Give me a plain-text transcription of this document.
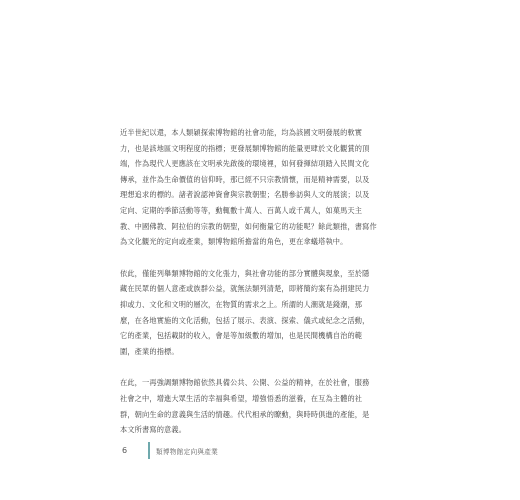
近半世紀以還，本人類穎探索博物館的社會功能，均為該國文明發展的軟實
力，也是該地區文明程度的指標；更發展類博物館的能量更肆於文化觀賞的頂
端，作為現代人更應該在文明承先啟後的環境裡，如何發揮結項踏入民間文化
傳承，並作為生命價值的信仰時，那已經不只宗教情懷，而是精神需要，以及
理想追求的標的。諸者說認神資會與宗教朝聖；名勝參訪與人文的展演；以及
定向、定期的季節活動等等，動輒數十萬人、百萬人或千萬人，如菓馬天主
教、中國佛教、阿拉伯的宗教的朝聖，如何衡量它的功能呢？餘此類推，書寫作
為文化觀光的定向或產業，類博物館所擔當的角色，更在傘蟻塔執中。

依此，僅能列舉類博物館的文化張力，與社會功能的部分實體與現象，至於隱
藏在民眾的個人意產或族群公益，就無法類列清楚，即將簡約案有為捐建民力
抑或力、文化和文明的層次，在物質的需求之上。所謂的人潮就是錢潮，那
麼，在各地實施的文化活動，包括了展示、表演、探索、儀式或紀念之活動，
它的產業，包括載財的收入，會是等加級數的增加，也是民間機構自治的範
圍，產業的指標。

在此，一再強調類博物館依然具備公共、公開、公益的精神，在於社會，服務
社會之中，增進大眾生活的幸福與希望，增強悟悉的滋養，在互為主體的社
群，朝向生命的意義與生活的情趣。代代相承的瞭動，與時時俱進的產能，是
本文所書寫的意義。

6	類博物館定向與產業
